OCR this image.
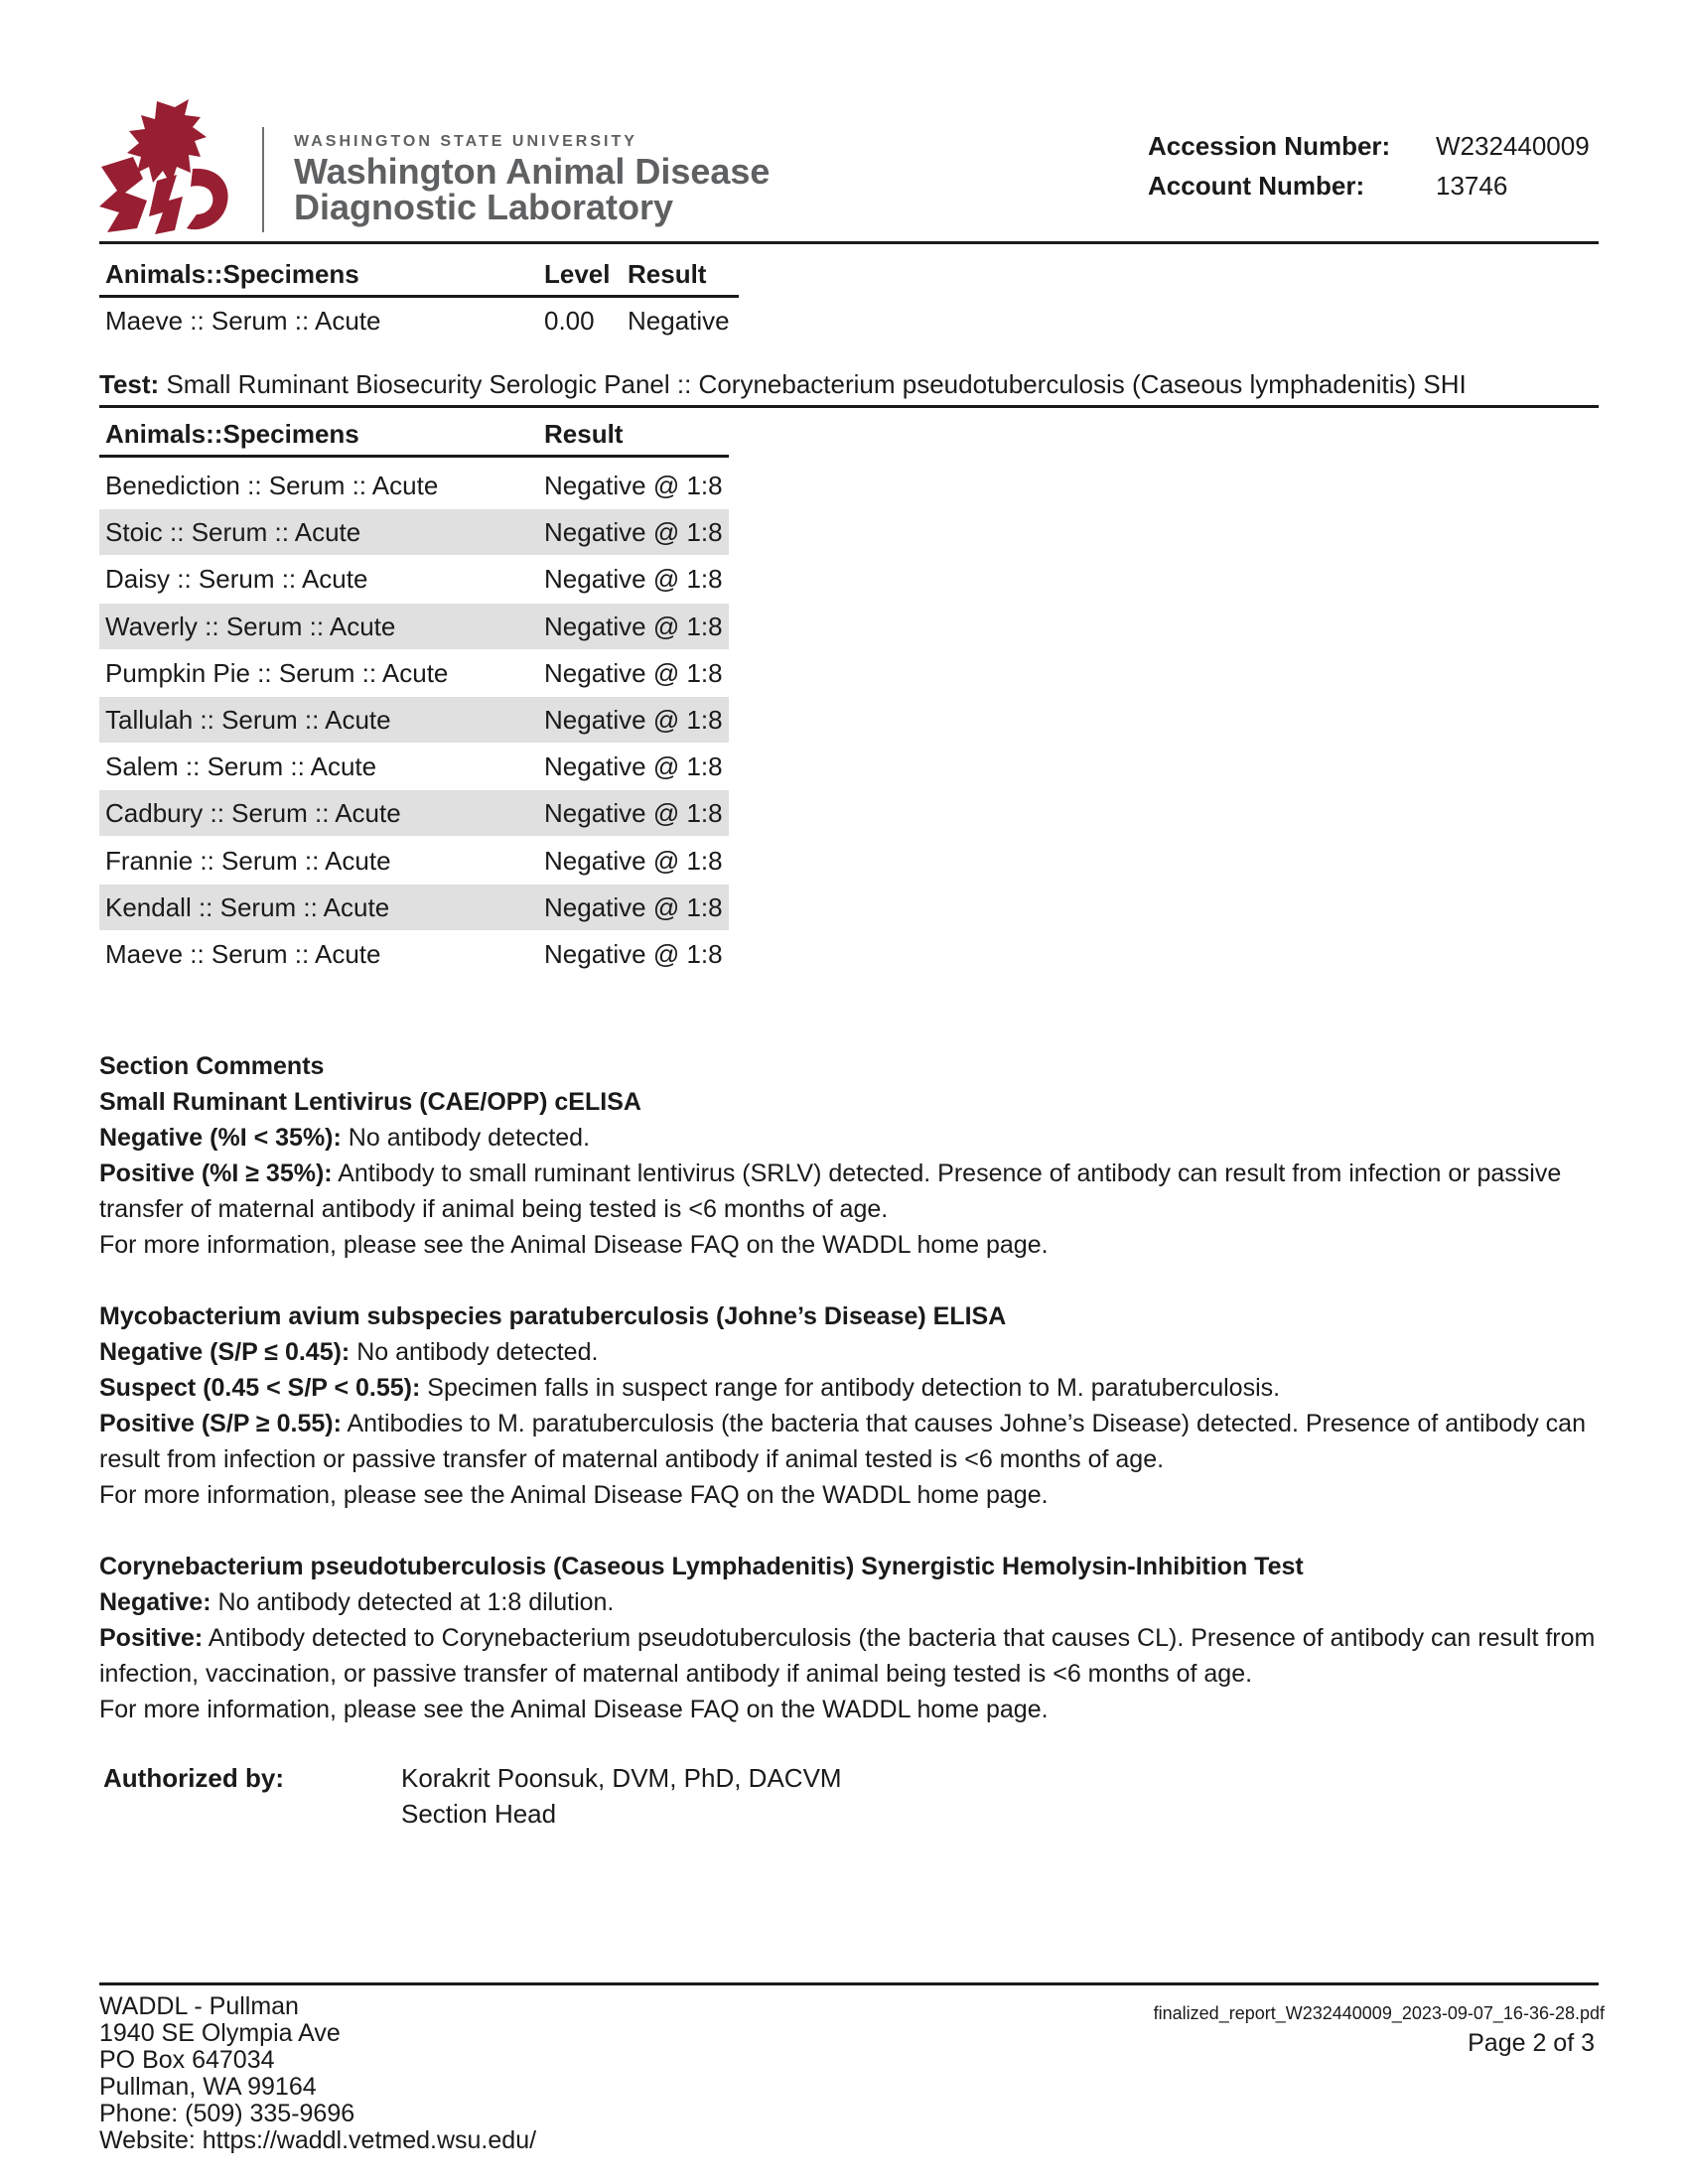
WASHINGTON STATE UNIVERSITY
Washington Animal Disease
Diagnostic Laboratory
Accession Number: W232440009
Account Number:	13746
Animals::Specimens	Level Result
Maeve :: Serum :: Acute	0.00 Negative
Test: Small Ruminant Biosecurity Serologic Panel :: Corynebacterium pseudotuberculosis (Caseous lymphadenitis) SHI
Animals::Specimens	Result
Benediction :: Serum :: Acute	Negative @ 1:8
Stoic :: Serum :: Acute	Negative @ 1:8
Daisy :: Serum :: Acute	Negative @ 1:8
Waverly :: Serum :: Acute	Negative @ 1:8
Pumpkin Pie :: Serum :: Acute	Negative @ 1:8
Tallulah :: Serum :: Acute	Negative @ 1:8
Salem :: Serum :: Acute	Negative @ 1:8
Cadbury :: Serum :: Acute	Negative @ 1:8
Frannie :: Serum :: Acute	Negative @ 1:8
Kendall :: Serum :: Acute	Negative @ 1:8
Maeve :: Serum :: Acute	Negative @ 1:8
Section Comments
Small Ruminant Lentivirus (CAE/OPP) cELISA
Negative (%I < 35%): No antibody detected.
Positive (%I ≥ 35%): Antibody to small ruminant lentivirus (SRLV) detected. Presence of antibody can result from infection or passive transfer of maternal antibody if animal being tested is <6 months of age.
For more information, please see the Animal Disease FAQ on the WADDL home page.
Mycobacterium avium subspecies paratuberculosis (Johne’s Disease) ELISA
Negative (S/P ≤ 0.45): No antibody detected.
Suspect (0.45 < S/P < 0.55): Specimen falls in suspect range for antibody detection to M. paratuberculosis.
Positive (S/P ≥ 0.55): Antibodies to M. paratuberculosis (the bacteria that causes Johne’s Disease) detected. Presence of antibody can result from infection or passive transfer of maternal antibody if animal tested is <6 months of age.
For more information, please see the Animal Disease FAQ on the WADDL home page.
Corynebacterium pseudotuberculosis (Caseous Lymphadenitis) Synergistic Hemolysin-Inhibition Test
Negative: No antibody detected at 1:8 dilution.
Positive: Antibody detected to Corynebacterium pseudotuberculosis (the bacteria that causes CL). Presence of antibody can result from infection, vaccination, or passive transfer of maternal antibody if animal being tested is <6 months of age.
For more information, please see the Animal Disease FAQ on the WADDL home page.
Authorized by:	Korakrit Poonsuk, DVM, PhD, DACVM
Section Head
WADDL - Pullman
1940 SE Olympia Ave
PO Box 647034
Pullman, WA 99164
Phone: (509) 335-9696
Website: https://waddl.vetmed.wsu.edu/
finalized_report_W232440009_2023-09-07_16-36-28.pdf
Page 2 of 3
